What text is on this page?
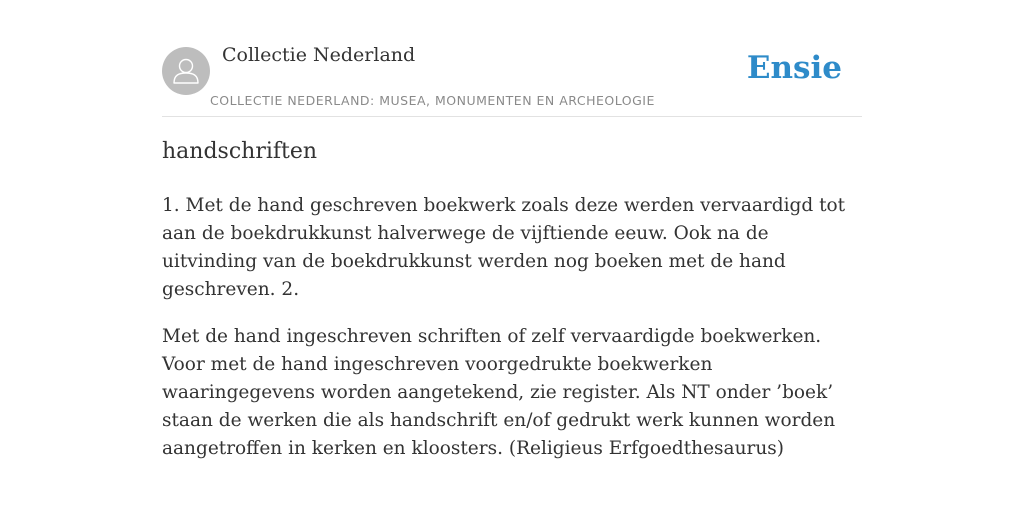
Collectie Nederland
COLLECTIE NEDERLAND: MUSEA, MONUMENTEN EN ARCHEOLOGIE
Ensie
handschriften

1. Met de hand geschreven boekwerk zoals deze werden vervaardigd tot aan de boekdrukkunst halverwege de vijftiende eeuw. Ook na de uitvinding van de boekdrukkunst werden nog boeken met de hand geschreven. 2.

Met de hand ingeschreven schriften of zelf vervaardigde boekwerken. Voor met de hand ingeschreven voorgedrukte boekwerken waaringegevens worden aangetekend, zie register. Als NT onder ’boek’ staan de werken die als handschrift en/of gedrukt werk kunnen worden aangetroffen in kerken en kloosters. (Religieus Erfgoedthesaurus)
